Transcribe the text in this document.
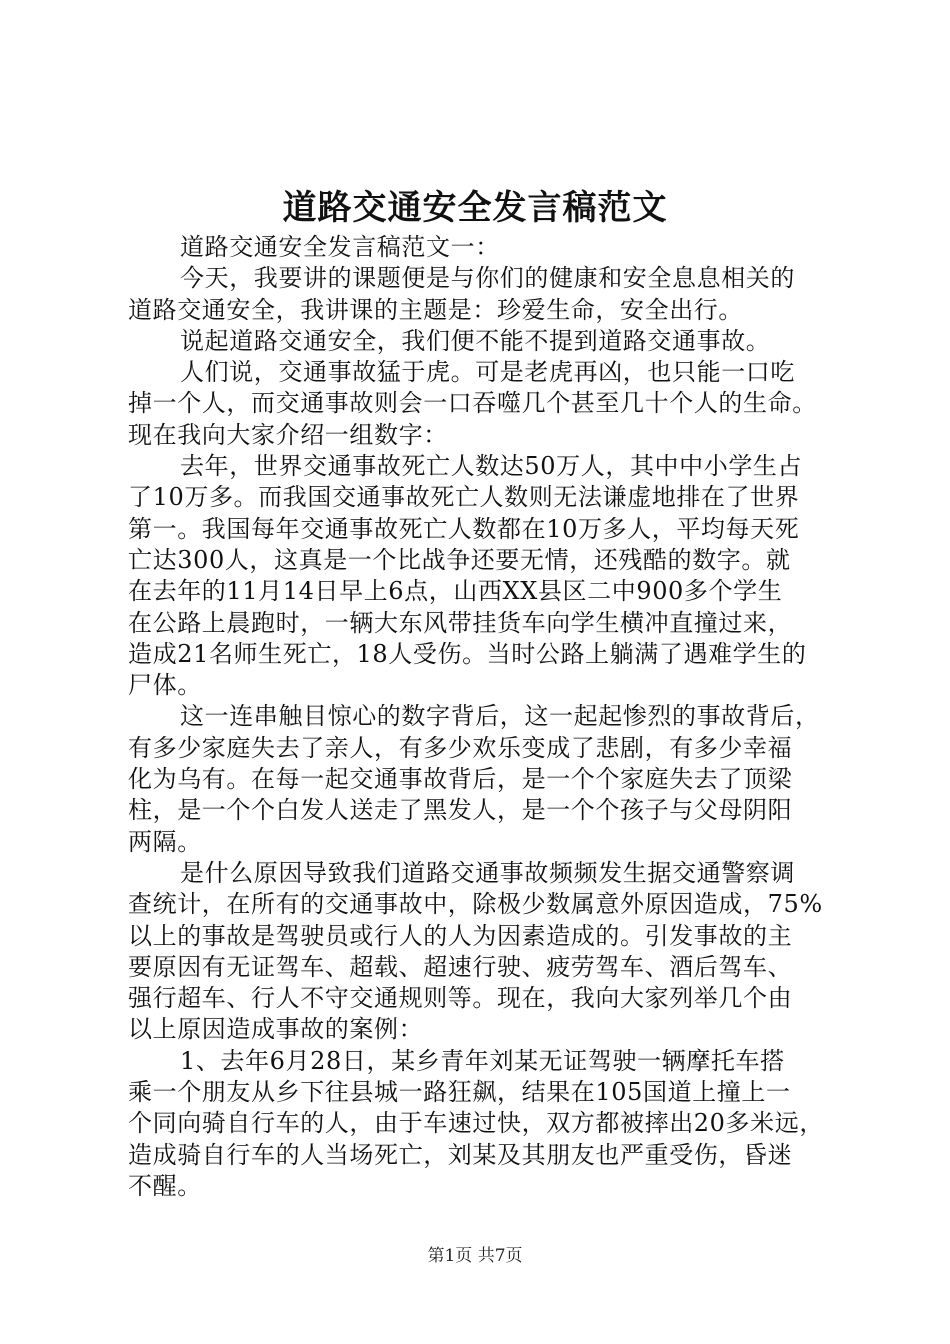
道路交通安全发言稿范文
道路交通安全发言稿范文一：
今天，我要讲的课题便是与你们的健康和安全息息相关的
道路交通安全，我讲课的主题是：珍爱生命，安全出行。
说起道路交通安全，我们便不能不提到道路交通事故。
人们说，交通事故猛于虎。可是老虎再凶，也只能一口吃
掉一个人，而交通事故则会一口吞噬几个甚至几十个人的生命。
现在我向大家介绍一组数字：
去年，世界交通事故死亡人数达50万人，其中中小学生占
了10万多。而我国交通事故死亡人数则无法谦虚地排在了世界
第一。我国每年交通事故死亡人数都在10万多人，平均每天死
亡达300人，这真是一个比战争还要无情，还残酷的数字。就
在去年的11月14日早上6点，山西XX县区二中900多个学生
在公路上晨跑时，一辆大东风带挂货车向学生横冲直撞过来，
造成21名师生死亡，18人受伤。当时公路上躺满了遇难学生的
尸体。
这一连串触目惊心的数字背后，这一起起惨烈的事故背后，
有多少家庭失去了亲人，有多少欢乐变成了悲剧，有多少幸福
化为乌有。在每一起交通事故背后，是一个个家庭失去了顶梁
柱，是一个个白发人送走了黑发人，是一个个孩子与父母阴阳
两隔。
是什么原因导致我们道路交通事故频频发生据交通警察调
查统计，在所有的交通事故中，除极少数属意外原因造成，75%
以上的事故是驾驶员或行人的人为因素造成的。引发事故的主
要原因有无证驾车、超载、超速行驶、疲劳驾车、酒后驾车、
强行超车、行人不守交通规则等。现在，我向大家列举几个由
以上原因造成事故的案例：
1、去年6月28日，某乡青年刘某无证驾驶一辆摩托车搭
乘一个朋友从乡下往县城一路狂飙，结果在105国道上撞上一
个同向骑自行车的人，由于车速过快，双方都被摔出20多米远，
造成骑自行车的人当场死亡，刘某及其朋友也严重受伤，昏迷
不醒。
第1页 共7页
